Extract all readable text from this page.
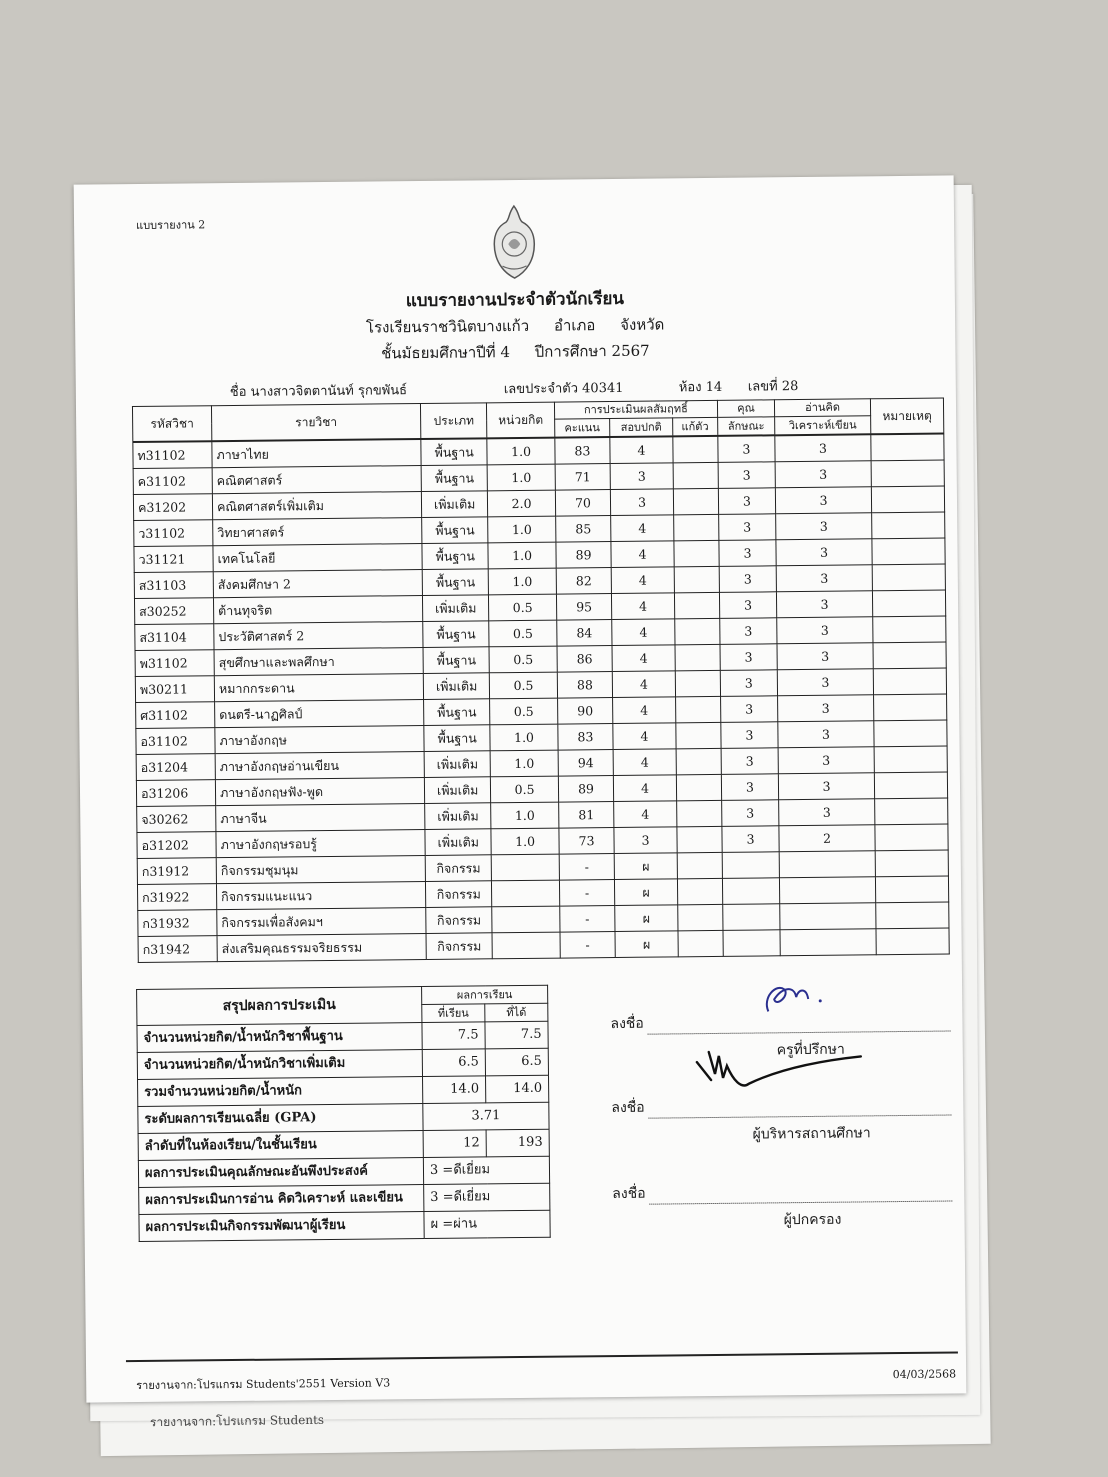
รายงานจาก:โปรแกรม Students
แบบรายงาน 2
แบบรายงานประจำตัวนักเรียน
โรงเรียนราชวินิตบางแก้ว อำเภอ จังหวัด
ชั้นมัธยมศึกษาปีที่ 4 ปีการศึกษา 2567
ชื่อ นางสาวจิตตานันท์ รุกขพันธ์	เลขประจำตัว 40341	ห้อง 14 เลขที่ 28
รหัสวิชา	รายวิชา	ประเภท	หน่วยกิต	การประเมินผลสัมฤทธิ์			คุณ	อ่านคิด	หมายเหตุ
				คะแนน	สอบปกติ	แก้ตัว	ลักษณะ	วิเคราะห์เขียน	
ท31102	ภาษาไทย	พื้นฐาน	1.0	83	4		3	3	
ค31102	คณิตศาสตร์	พื้นฐาน	1.0	71	3		3	3	
ค31202	คณิตศาสตร์เพิ่มเติม	เพิ่มเติม	2.0	70	3		3	3	
ว31102	วิทยาศาสตร์	พื้นฐาน	1.0	85	4		3	3	
ว31121	เทคโนโลยี	พื้นฐาน	1.0	89	4		3	3	
ส31103	สังคมศึกษา 2	พื้นฐาน	1.0	82	4		3	3	
ส30252	ต้านทุจริต	เพิ่มเติม	0.5	95	4		3	3	
ส31104	ประวัติศาสตร์ 2	พื้นฐาน	0.5	84	4		3	3	
พ31102	สุขศึกษาและพลศึกษา	พื้นฐาน	0.5	86	4		3	3	
พ30211	หมากกระดาน	เพิ่มเติม	0.5	88	4		3	3	
ศ31102	ดนตรี-นาฏศิลป์	พื้นฐาน	0.5	90	4		3	3	
อ31102	ภาษาอังกฤษ	พื้นฐาน	1.0	83	4		3	3	
อ31204	ภาษาอังกฤษอ่านเขียน	เพิ่มเติม	1.0	94	4		3	3	
อ31206	ภาษาอังกฤษฟัง-พูด	เพิ่มเติม	0.5	89	4		3	3	
จ30262	ภาษาจีน	เพิ่มเติม	1.0	81	4		3	3	
อ31202	ภาษาอังกฤษรอบรู้	เพิ่มเติม	1.0	73	3		3	2	
ก31912	กิจกรรมชุมนุม	กิจกรรม		-	ผ				
ก31922	กิจกรรมแนะแนว	กิจกรรม		-	ผ				
ก31932	กิจกรรมเพื่อสังคมฯ	กิจกรรม		-	ผ				
ก31942	ส่งเสริมคุณธรรมจริยธรรม	กิจกรรม		-	ผ				
สรุปผลการประเมิน	ผลการเรียน	
	ที่เรียน	ที่ได้
จำนวนหน่วยกิต/น้ำหนักวิชาพื้นฐาน	7.5	7.5
จำนวนหน่วยกิต/น้ำหนักวิชาเพิ่มเติม	6.5	6.5
รวมจำนวนหน่วยกิต/น้ำหนัก	14.0	14.0
ระดับผลการเรียนเฉลี่ย (GPA)	3.71	
ลำดับที่ในห้องเรียน/ในชั้นเรียน	12	193
ผลการประเมินคุณลักษณะอันพึงประสงค์	3 =ดีเยี่ยม	
ผลการประเมินการอ่าน คิดวิเคราะห์ และเขียน	3 =ดีเยี่ยม	
ผลการประเมินกิจกรรมพัฒนาผู้เรียน	ผ =ผ่าน	
ลงชื่อ
ครูที่ปรึกษา
ลงชื่อ
ผู้บริหารสถานศึกษา
ลงชื่อ
ผู้ปกครอง
รายงานจาก:โปรแกรม Students'2551 Version V3
04/03/2568
